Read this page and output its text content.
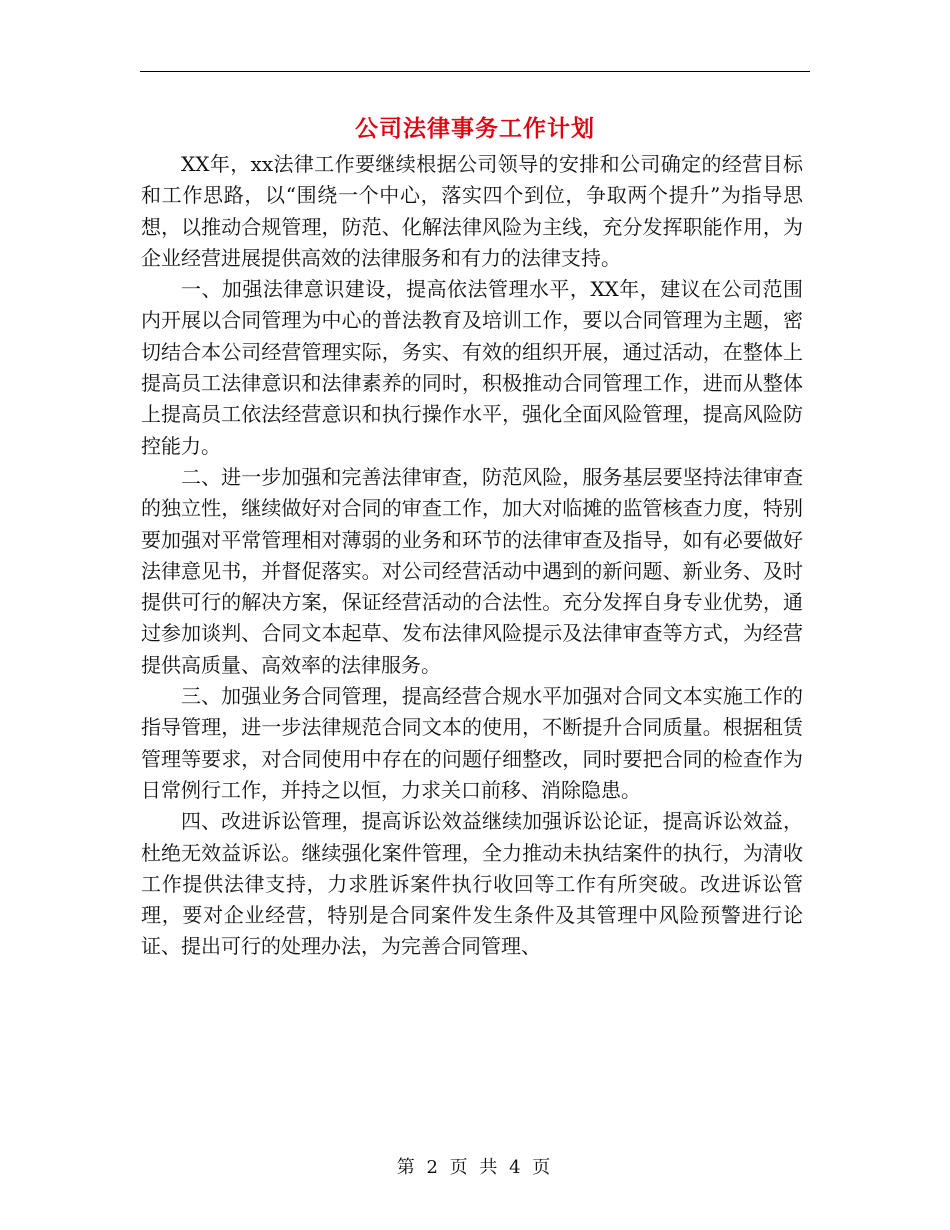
公司法律事务工作计划

XX年，xx法律工作要继续根据公司领导的安排和公司确定的经营目标和工作思路，以“围绕一个中心，落实四个到位，争取两个提升”为指导思想，以推动合规管理，防范、化解法律风险为主线，充分发挥职能作用，为企业经营进展提供高效的法律服务和有力的法律支持。

一、加强法律意识建设，提高依法管理水平，XX年，建议在公司范围内开展以合同管理为中心的普法教育及培训工作，要以合同管理为主题，密切结合本公司经营管理实际，务实、有效的组织开展，通过活动，在整体上提高员工法律意识和法律素养的同时，积极推动合同管理工作，进而从整体上提高员工依法经营意识和执行操作水平，强化全面风险管理，提高风险防控能力。

二、进一步加强和完善法律审查，防范风险，服务基层要坚持法律审查的独立性，继续做好对合同的审查工作，加大对临摊的监管核查力度，特别要加强对平常管理相对薄弱的业务和环节的法律审查及指导，如有必要做好法律意见书，并督促落实。对公司经营活动中遇到的新问题、新业务、及时提供可行的解决方案，保证经营活动的合法性。充分发挥自身专业优势，通过参加谈判、合同文本起草、发布法律风险提示及法律审查等方式，为经营提供高质量、高效率的法律服务。

三、加强业务合同管理，提高经营合规水平加强对合同文本实施工作的指导管理，进一步法律规范合同文本的使用，不断提升合同质量。根据租赁管理等要求，对合同使用中存在的问题仔细整改，同时要把合同的检查作为日常例行工作，并持之以恒，力求关口前移、消除隐患。

四、改进诉讼管理，提高诉讼效益继续加强诉讼论证，提高诉讼效益，杜绝无效益诉讼。继续强化案件管理，全力推动未执结案件的执行，为清收工作提供法律支持，力求胜诉案件执行收回等工作有所突破。改进诉讼管理，要对企业经营，特别是合同案件发生条件及其管理中风险预警进行论证、提出可行的处理办法，为完善合同管理、

第 2 页 共 4 页
